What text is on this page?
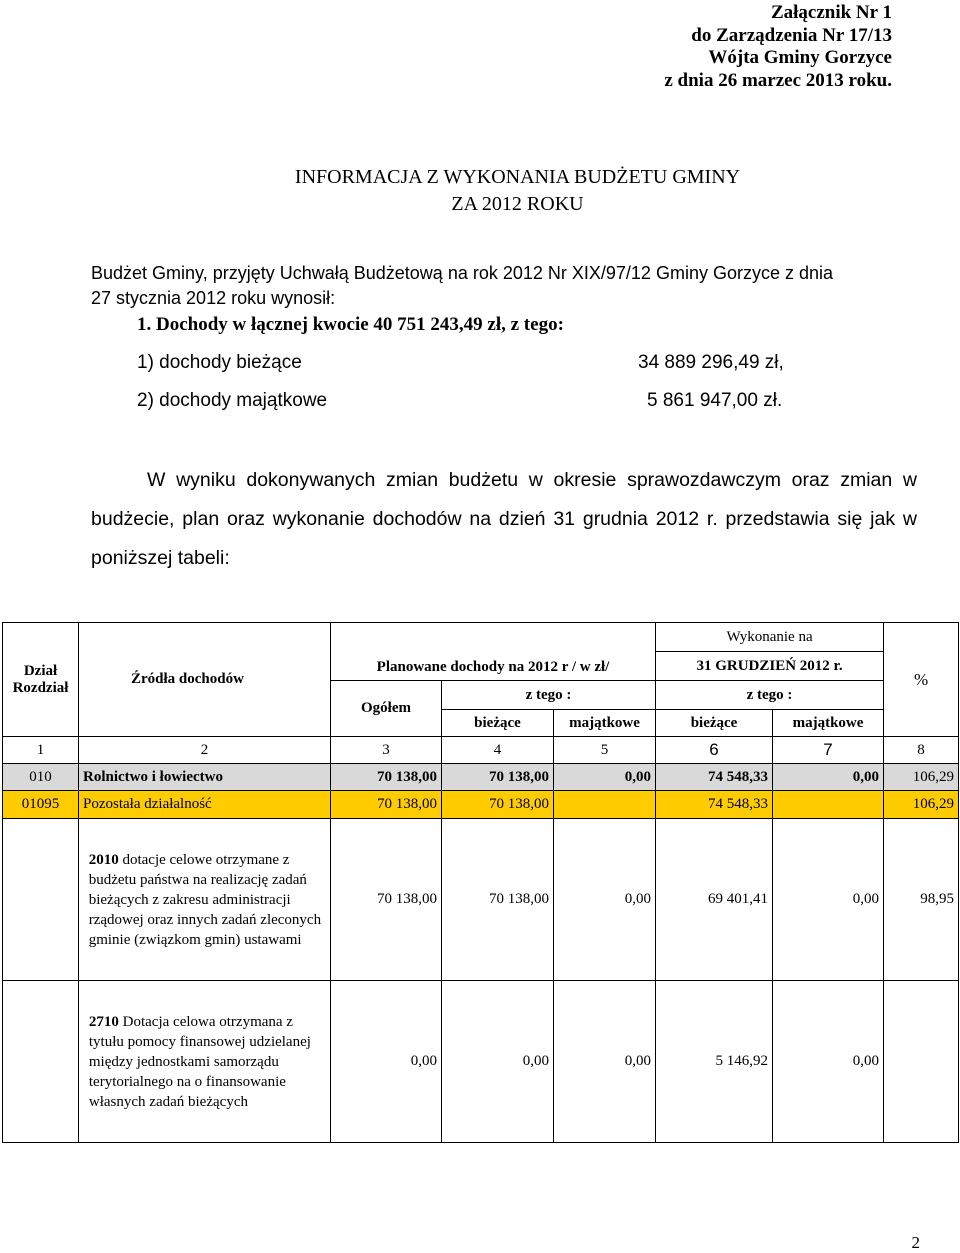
Załącznik Nr 1
do Zarządzenia Nr 17/13
Wójta Gminy Gorzyce
z dnia 26 marzec 2013 roku.
INFORMACJA Z WYKONANIA BUDŻETU GMINY
ZA 2012 ROKU
Budżet Gminy, przyjęty Uchwałą Budżetową na rok 2012 Nr XIX/97/12 Gminy Gorzyce z dnia
27 stycznia 2012 roku wynosił:
1. Dochody w łącznej kwocie 40 751 243,49 zł, z tego:
1) dochody bieżące	34 889 296,49 zł,
2) dochody majątkowe	5 861 947,00 zł.
W wyniku dokonywanych zmian budżetu w okresie sprawozdawczym oraz zmian w budżecie, plan oraz wykonanie dochodów na dzień 31 grudnia 2012 r. przedstawia się jak w poniższej tabeli:
Dział
Rozdział	Źródła dochodów	Planowane dochody na 2012 r / w zł/			Wykonanie na		%
					31 GRUDZIEŃ 2012 r.		
		Ogółem	z tego :		z tego :		
			bieżące	majątkowe	bieżące	majątkowe	
1	2	3	4	5	6	7	8
010	Rolnictwo i łowiectwo	70 138,00	70 138,00	0,00	74 548,33	0,00	106,29
01095	Pozostała działalność	70 138,00	70 138,00		74 548,33		106,29

	2010 dotacje celowe otrzymane z budżetu państwa na realizację zadań bieżących z zakresu administracji rządowej oraz innych zadań zleconych gminie (związkom gmin) ustawami	70 138,00	70 138,00	0,00	69 401,41	0,00	98,95

	2710 Dotacja celowa otrzymana z tytułu pomocy finansowej udzielanej między jednostkami samorządu terytorialnego na o finansowanie własnych zadań bieżących	0,00	0,00	0,00	5 146,92	0,00	
2
